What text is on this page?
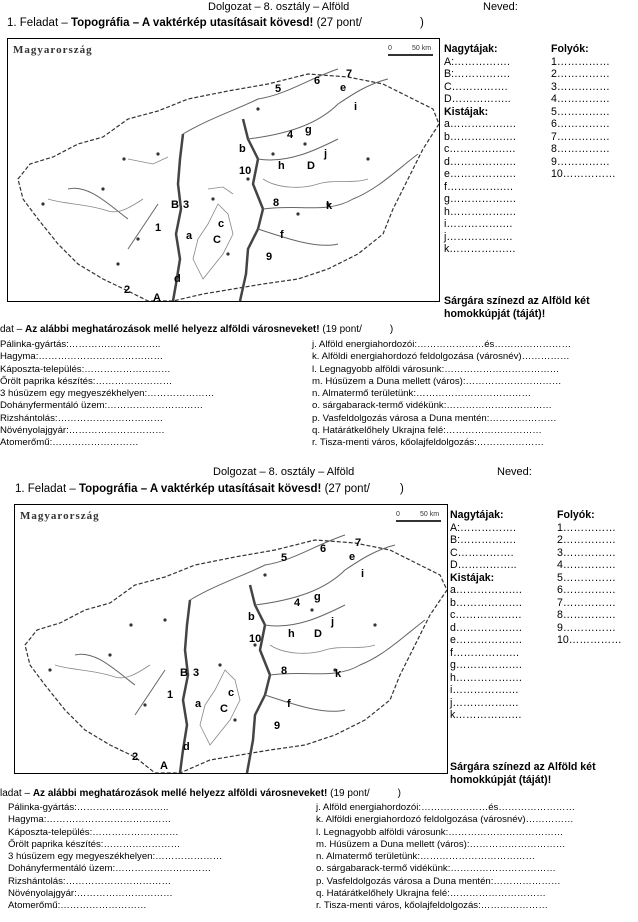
Dolgozat – 8. osztály – Alföld	Neved:
1. Feladat – Topográfia – A vaktérkép utasításait kövesd! (27 pont/	)
Magyarország	0	50 km
A
B
C
D
1
2
3
4
5
6
7
8
9
10
a
b
c
d
e
f
g
h
i
j
k
Nagytájak:
A:…………….
B:…………….
C…………….
D……………..
Kistájak:
a…………….…
b…………….…
c…………….…
d…………….…
e…………….…
f…………….…
g…………….…
h…………….…
i…………….…
j…………….…
k…………….…
Folyók:
1……………
2……………
3……………
4……………
5……………
6……………
7……………
8……………
9……………
10……………
Sárgára színezd az Alföld két
homokkúpját (táját)!
dat – Az alábbi meghatározások mellé helyezz alföldi városneveket! (19 pont/	)
Pálinka-gyártás:………………………..
Hagyma:…………………………………
Káposzta-település:………………………
Őrölt paprika készítés:……………………
3 húsüzem egy megyeszékhelyen:…………………
Dohányfermentáló üzem:…………………………
Rizshántolás:……………………………
Növényolajgyár:…………………………
Atomerőmű:………………………
j. Alföld energiahordozói:…………………és……………………
k. Alföldi energiahordozó feldolgozása (városnév)……………
l. Legnagyobb alföldi városunk:………………………………
m. Húsüzem a Duna mellett (város):…………………………
n. Almatermő területünk:………………………………
o. sárgabarack-termő vidékünk:……………………………
p. Vasfeldolgozás városa a Duna mentén:…………………
q. Határátkelőhely Ukrajna felé:…………………………
r. Tisza-menti város, kőolajfeldolgozás:…………………
Dolgozat – 8. osztály – Alföld	Neved:
1. Feladat – Topográfia – A vaktérkép utasításait kövesd! (27 pont/	)
Magyarország	0	50 km
A
B
C
D
1
2
3
4
5
6	7
8
9
10
a
b
c
d
e
f
g
h
i
j
k
Nagytájak:
A:…………….
B:…………….
C…………….
D……………..
Kistájak:
a…………….…
b…………….…
c…………….…
d…………….…
e…………….…
f…………….…
g…………….…
h…………….…
i…………….…
j…………….…
k…………….…
Folyók:
1……………
2……………
3……………
4……………
5……………
6……………
7……………
8……………
9……………
10……………
Sárgára színezd az Alföld két
homokkúpját (táját)!
ladat – Az alábbi meghatározások mellé helyezz alföldi városneveket! (19 pont/	)
Pálinka-gyártás:………………………..
Hagyma:…………………………………
Káposzta-település:………………………
Őrölt paprika készítés:……………………
3 húsüzem egy megyeszékhelyen:…………………
Dohányfermentáló üzem:…………………………
Rizshántolás:……………………………
Növényolajgyár:…………………………
Atomerőmű:………………………
j. Alföld energiahordozói:…………………és……………………
k. Alföldi energiahordozó feldolgozása (városnév)……………
l. Legnagyobb alföldi városunk:………………………………
m. Húsüzem a Duna mellett (város):…………………………
n. Almatermő területünk:………………………………
o. sárgabarack-termő vidékünk:……………………………
p. Vasfeldolgozás városa a Duna mentén:…………………
q. Határátkelőhely Ukrajna felé:…………………………
r. Tisza-menti város, kőolajfeldolgozás:…………………
